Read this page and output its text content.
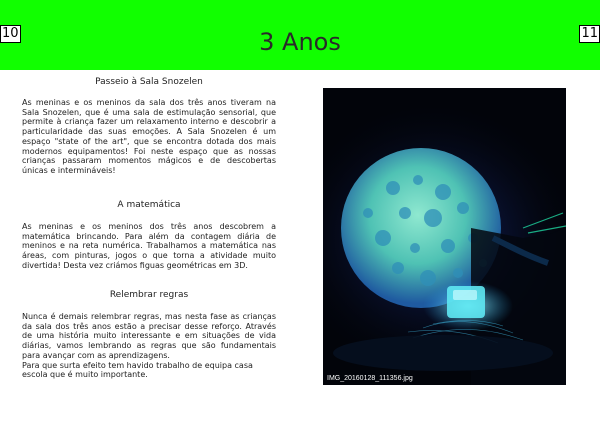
10	3 Anos	11

Passeio à Sala Snozelen

As meninas e os meninos da sala dos três anos tiveram na Sala Snozelen, que é uma sala de estimulação sensorial, que permite à criança fazer um relaxamento interno e descobrir a particularidade das suas emoções. A Sala Snozelen é um espaço "state of the art", que se encontra dotada dos mais modernos equipamentos! Foi neste espaço que as nossas crianças passaram momentos mágicos e de descobertas únicas e intermináveis!

A matemática

As meninas e os meninos dos três anos descobrem a matemática brincando. Para além da contagem diária de meninos e na reta numérica. Trabalhamos a matemática nas áreas, com pinturas, jogos o que torna a atividade muito divertida! Desta vez criámos figuas geométricas em 3D.

Relembrar regras

Nunca é demais relembrar regras, mas nesta fase as crianças da sala dos três anos estão a precisar desse reforço. Através de uma história muito interessante e em situações de vida diárias, vamos lembrando as regras que são fundamentais para avançar com as aprendizagens.

Para que surta efeito tem havido trabalho de equipa casa escola que é muito importante.	IMG_20160128_111356.jpg
